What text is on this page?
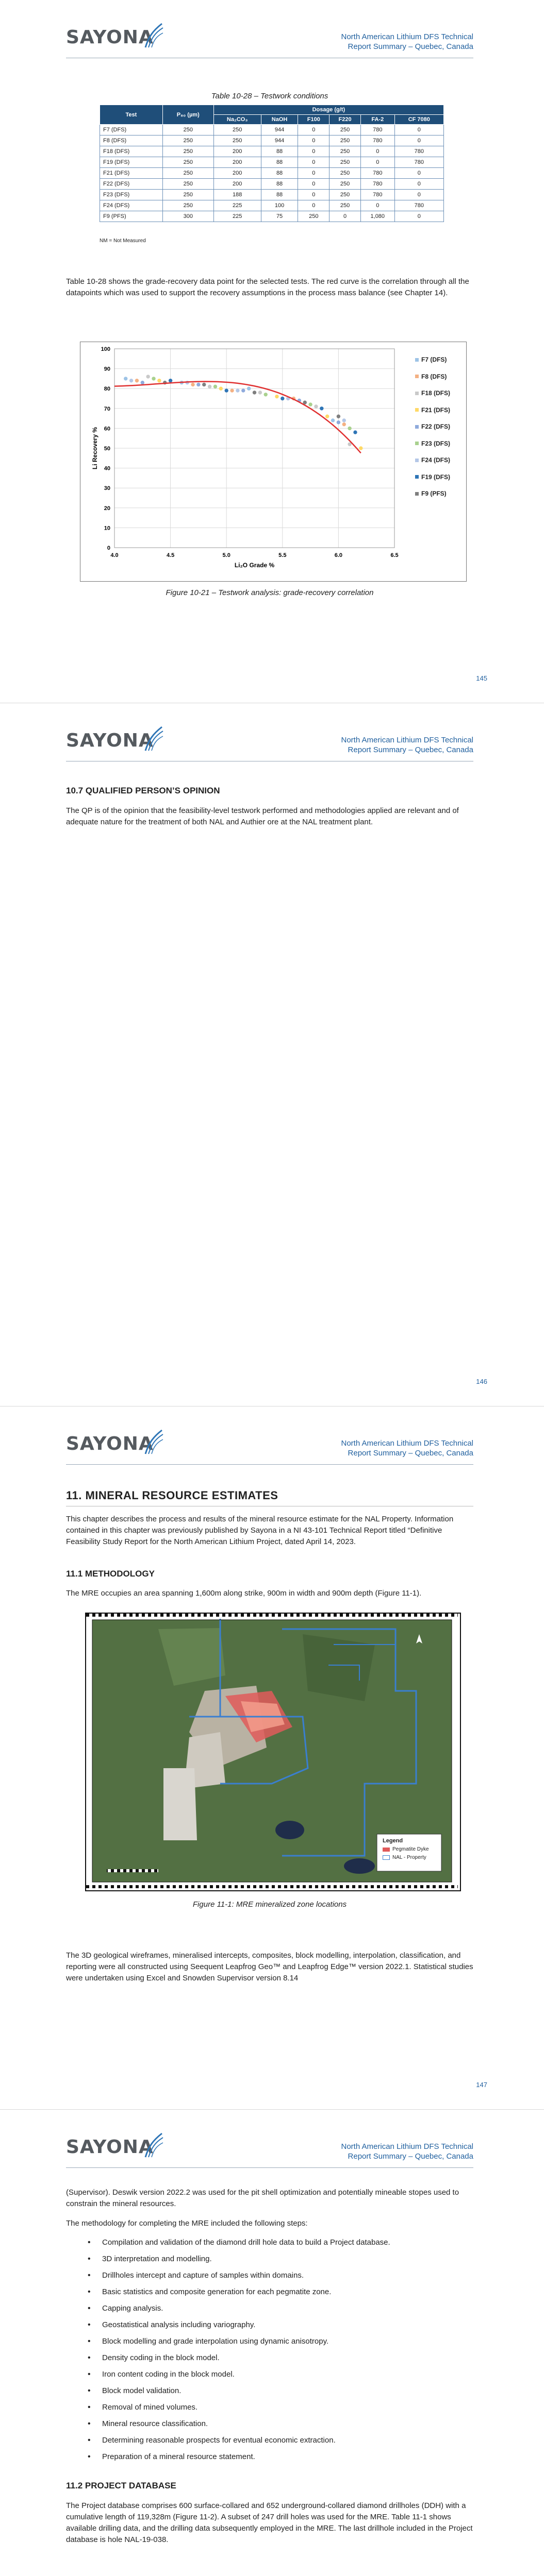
SAYONA	North American Lithium DFS Technical
Report Summary – Quebec, Canada
Table 10-28 – Testwork conditions
Test	P₈₀ (µm)	Dosage (g/t)					
		Na₂CO₃	NaOH	F100	F220	FA-2	CF 7080
F7 (DFS)	250	250	944	0	250	780	0
F8 (DFS)	250	250	944	0	250	780	0
F18 (DFS)	250	200	88	0	250	0	780
F19 (DFS)	250	200	88	0	250	0	780
F21 (DFS)	250	200	88	0	250	780	0
F22 (DFS)	250	200	88	0	250	780	0
F23 (DFS)	250	188	88	0	250	780	0
F24 (DFS)	250	225	100	0	250	0	780
F9 (PFS)	300	225	75	250	0	1,080	0
NM = Not Measured

Table 10-28 shows the grade-recovery data point for the selected tests. The red curve is the correlation through all the datapoints which was used to support the recovery assumptions in the process mass balance (see Chapter 14).

0
10
20
30
40
50
60
70
80
90
100
4.0	4.5	5.0	5.5	6.0	6.5
Li₂O Grade %
Li Recovery %
F7 (DFS)
F8 (DFS)
F18 (DFS)
F21 (DFS)
F22 (DFS)
F23 (DFS)
F24 (DFS)
F19 (DFS)
F9 (PFS)
Figure 10-21 – Testwork analysis: grade-recovery correlation
145
SAYONA	North American Lithium DFS Technical
Report Summary – Quebec, Canada
10.7 QUALIFIED PERSON’S OPINION

The QP is of the opinion that the feasibility-level testwork performed and methodologies applied are relevant and of adequate nature for the treatment of both NAL and Authier ore at the NAL treatment plant.

146
SAYONA	North American Lithium DFS Technical
Report Summary – Quebec, Canada
11. MINERAL RESOURCE ESTIMATES

This chapter describes the process and results of the mineral resource estimate for the NAL Property. Information contained in this chapter was previously published by Sayona in a NI 43-101 Technical Report titled “Definitive Feasibility Study Report for the North American Lithium Project, dated April 14, 2023.

11.1 METHODOLOGY

The MRE occupies an area spanning 1,600m along strike, 900m in width and 900m depth (Figure 11-1).

Legend
Pegmatite Dyke
NAL - Property
Figure 11-1: MRE mineralized zone locations

The 3D geological wireframes, mineralised intercepts, composites, block modelling, interpolation, classification, and reporting were all constructed using Seequent Leapfrog Geo™ and Leapfrog Edge™ version 2022.1. Statistical studies were undertaken using Excel and Snowden Supervisor version 8.14

147
SAYONA	North American Lithium DFS Technical
Report Summary – Quebec, Canada

(Supervisor). Deswik version 2022.2 was used for the pit shell optimization and potentially mineable stopes used to constrain the mineral resources.

The methodology for completing the MRE included the following steps:

• Compilation and validation of the diamond drill hole data to build a Project database.
• 3D interpretation and modelling.
• Drillholes intercept and capture of samples within domains.
• Basic statistics and composite generation for each pegmatite zone.
• Capping analysis.
• Geostatistical analysis including variography.
• Block modelling and grade interpolation using dynamic anisotropy.
• Density coding in the block model.
• Iron content coding in the block model.
• Block model validation.
• Removal of mined volumes.
• Mineral resource classification.
• Determining reasonable prospects for eventual economic extraction.
• Preparation of a mineral resource statement.
11.2 PROJECT DATABASE

The Project database comprises 600 surface-collared and 652 underground-collared diamond drillholes (DDH) with a cumulative length of 119,328m (Figure 11-2). A subset of 247 drill holes was used for the MRE. Table 11-1 shows available drilling data, and the drilling data subsequently employed in the MRE. The last drillhole included in the Project database is hole NAL-19-038.
